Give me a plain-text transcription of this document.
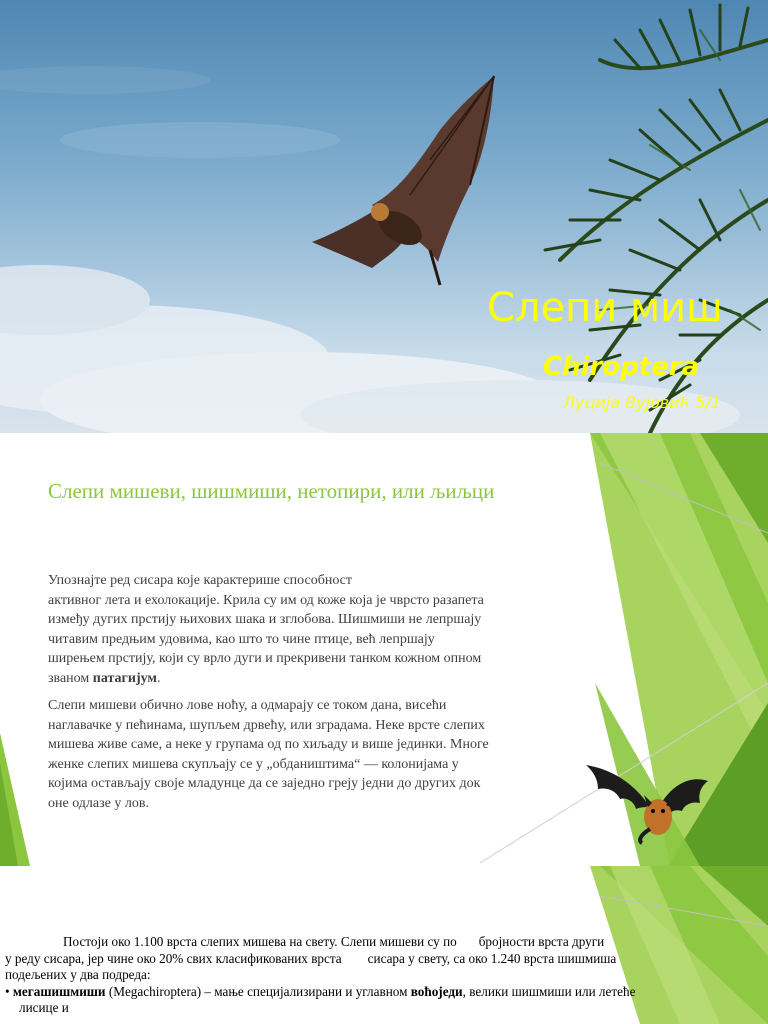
Слепи миш

Chiroptera

Луција Вујовић 5/1

Слепи мишеви, шишмиши, нетопири, или љиљци

Упознајте ред сисара које карактерише способност
активног лета и ехолокације. Крила су им од коже која је чврсто разапета
између дугих прстију њихових шака и зглобова. Шишмиши не лепршају
читавим предњим удовима, као што то чине птице, већ лепршају
ширењем прстију, који су врло дуги и прекривени танком кожном опном
званом патагијум.

Слепи мишеви обично лове ноћу, а одмарају се током дана, висећи
наглавачке у пећинама, шупљем дрвећу, или зградама. Неке врсте слепих
мишева живе саме, а неке у групама од по хиљаду и више јединки. Многе
женке слепих мишева скупљају се у „обдаништима“ — колонијама у
којима остављају своје младунце да се заједно греју једни до других док
оне одлазе у лов.

Постоји око 1.100 врста слепих мишева на свету. Слепи мишеви су по бројности врста други
у реду сисара, јер чине око 20% свих класификованих врста сисара у свету, са око 1.240 врста шишмиша
подељених у два подреда:
• мегашишмиши (Megachiroptera) – мање специјализирани и углавном воћоједи, велики шишмиши или летеће
лисице и
